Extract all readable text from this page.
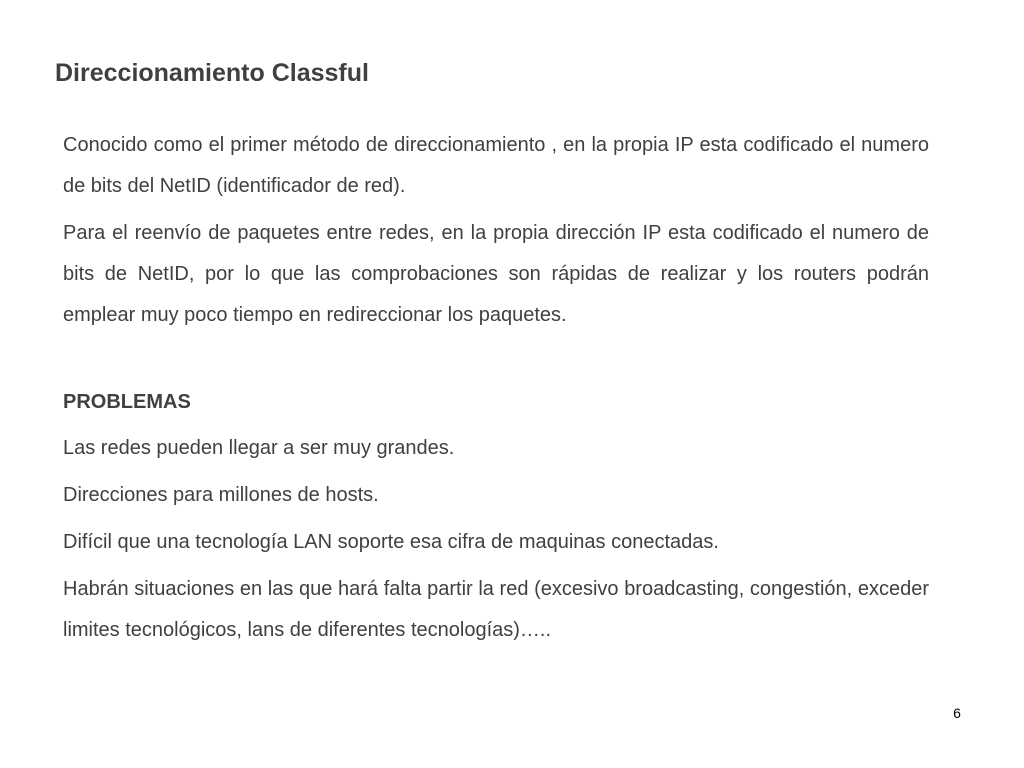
Direccionamiento Classful

Conocido como el primer método de direccionamiento , en la propia IP esta codificado el numero de bits del NetID (identificador de red).

Para el reenvío de paquetes entre redes, en la propia dirección IP esta codificado el numero de bits de NetID, por lo que las comprobaciones son rápidas de realizar y los routers podrán emplear muy poco tiempo en redireccionar los paquetes.

PROBLEMAS

Las redes pueden llegar a ser muy grandes.

Direcciones para millones de hosts.

Difícil que una tecnología LAN soporte esa cifra de maquinas conectadas.

Habrán situaciones en las que hará falta partir la red (excesivo broadcasting, congestión, exceder limites tecnológicos, lans de diferentes tecnologías)…..

6
